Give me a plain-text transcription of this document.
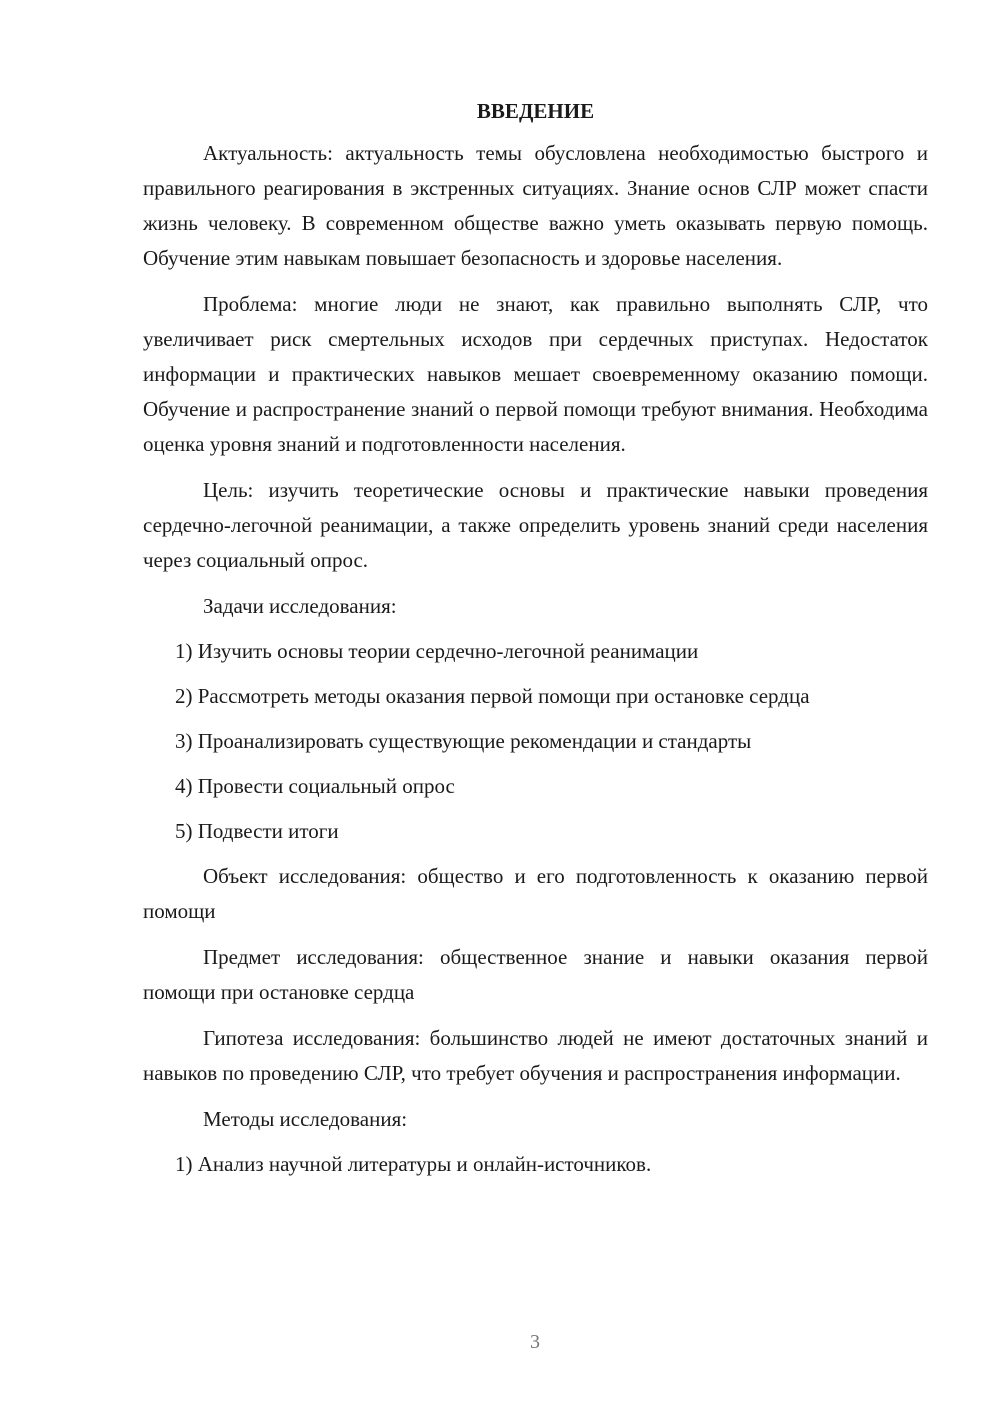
ВВЕДЕНИЕ

Актуальность: актуальность темы обусловлена необходимостью быстрого и правильного реагирования в экстренных ситуациях. Знание основ СЛР может спасти жизнь человеку. В современном обществе важно уметь оказывать первую помощь. Обучение этим навыкам повышает безопасность и здоровье населения.

Проблема: многие люди не знают, как правильно выполнять СЛР, что увеличивает риск смертельных исходов при сердечных приступах. Недостаток информации и практических навыков мешает своевременному оказанию помощи. Обучение и распространение знаний о первой помощи требуют внимания. Необходима оценка уровня знаний и подготовленности населения.

Цель: изучить теоретические основы и практические навыки проведения сердечно-легочной реанимации, а также определить уровень знаний среди населения через социальный опрос.

Задачи исследования:

1) Изучить основы теории сердечно-легочной реанимации
2) Рассмотреть методы оказания первой помощи при остановке сердца
3) Проанализировать существующие рекомендации и стандарты
4) Провести социальный опрос
5) Подвести итоги

Объект исследования: общество и его подготовленность к оказанию первой помощи

Предмет исследования: общественное знание и навыки оказания первой помощи при остановке сердца

Гипотеза исследования: большинство людей не имеют достаточных знаний и навыков по проведению СЛР, что требует обучения и распространения информации.

Методы исследования:

1) Анализ научной литературы и онлайн-источников.
3
